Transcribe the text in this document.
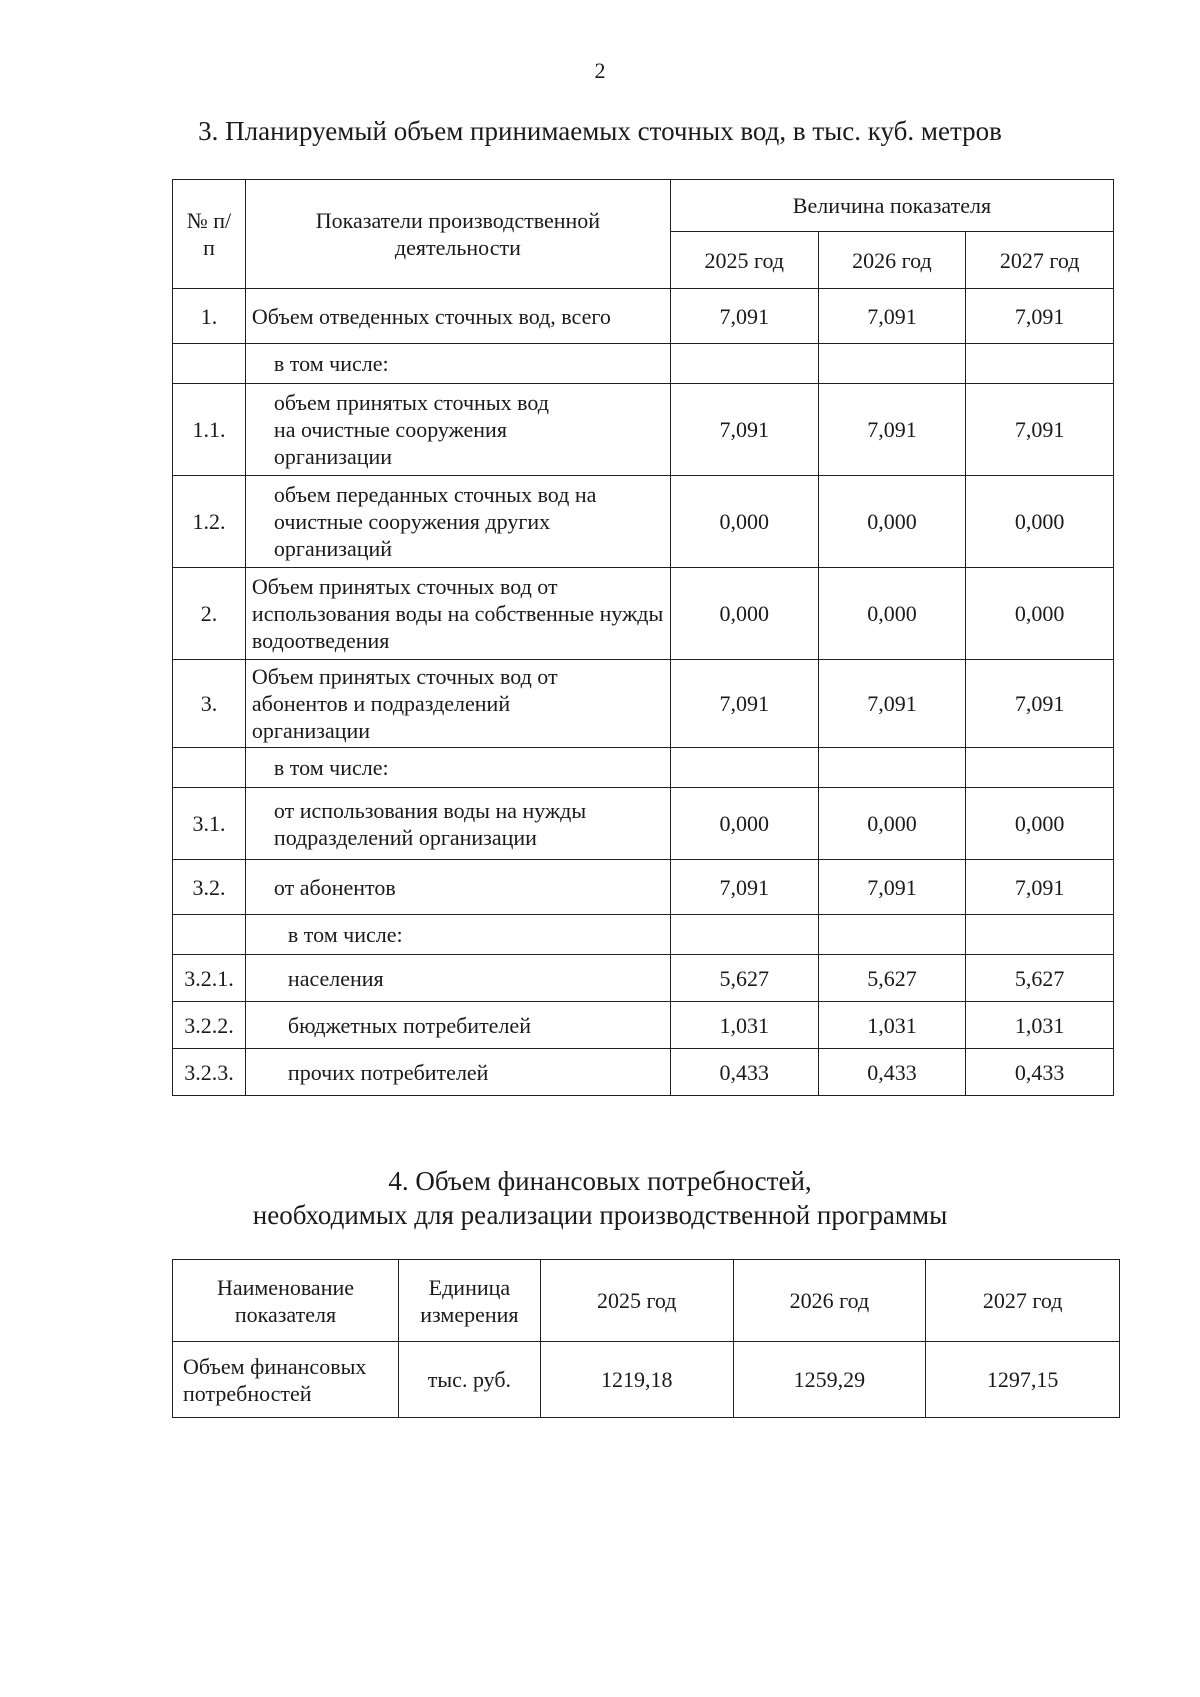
2
3. Планируемый объем принимаемых сточных вод, в тыс. куб. метров
№ п/п	Показатели производственной деятельности	Величина показателя		
		2025 год	2026 год	2027 год
1.	Объем отведенных сточных вод, всего	7,091	7,091	7,091
	в том числе:			
1.1.	объем принятых сточных вод на очистные сооружения организации	7,091	7,091	7,091
1.2.	объем переданных сточных вод на очистные сооружения других организаций	0,000	0,000	0,000
2.	Объем принятых сточных вод от использования воды на собственные нужды водоотведения	0,000	0,000	0,000
3.	Объем принятых сточных вод от абонентов и подразделений организации	7,091	7,091	7,091
	в том числе:			
3.1.	от использования воды на нужды подразделений организации	0,000	0,000	0,000
3.2.	от абонентов	7,091	7,091	7,091
	в том числе:			
3.2.1.	населения	5,627	5,627	5,627
3.2.2.	бюджетных потребителей	1,031	1,031	1,031
3.2.3.	прочих потребителей	0,433	0,433	0,433
4. Объем финансовых потребностей,
необходимых для реализации производственной программы
Наименование показателя	Единица измерения	2025 год	2026 год	2027 год
Объем финансовых потребностей	тыс. руб.	1219,18	1259,29	1297,15
